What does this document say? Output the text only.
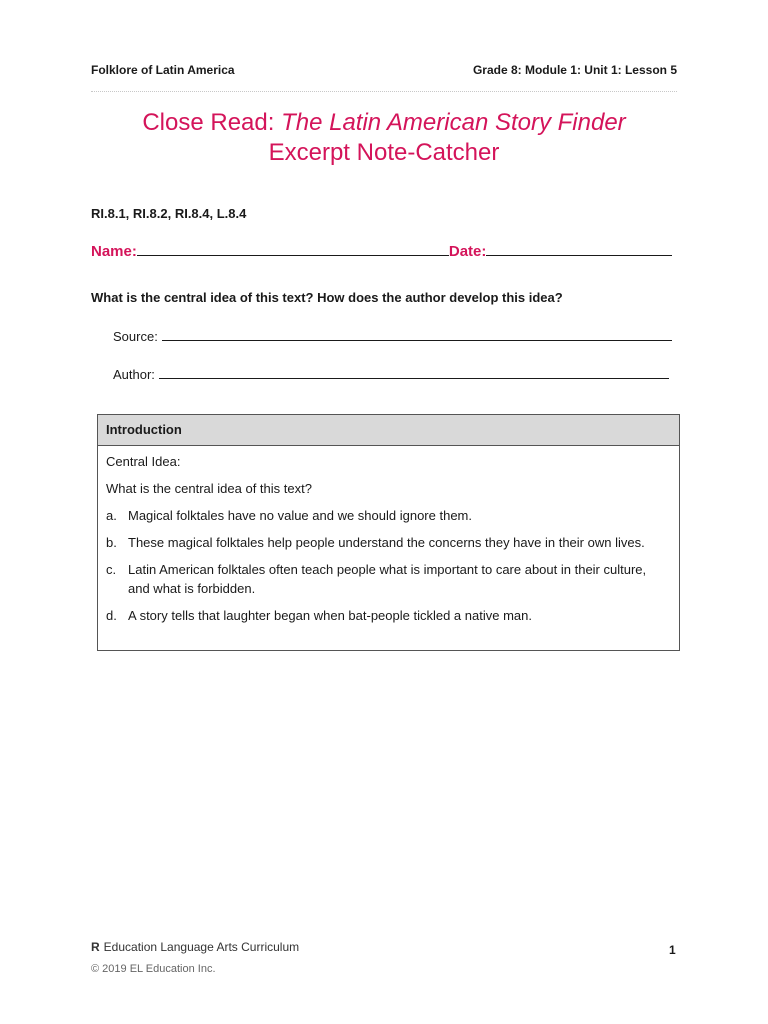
Folklore of Latin America	Grade 8: Module 1: Unit 1: Lesson 5
Close Read: The Latin American Story Finder
Excerpt Note-Catcher
RI.8.1, RI.8.2, RI.8.4, L.8.4
Name:	Date:
What is the central idea of this text? How does the author develop this idea?
Source:
Author:
Introduction
Central Idea:
What is the central idea of this text?
a. Magical folktales have no value and we should ignore them.
b. These magical folktales help people understand the concerns they have in their own lives.
c. Latin American folktales often teach people what is important to care about in their culture, and what is forbidden.
d. A story tells that laughter began when bat-people tickled a native man.
R Education Language Arts Curriculum
© 2019 EL Education Inc.
1
